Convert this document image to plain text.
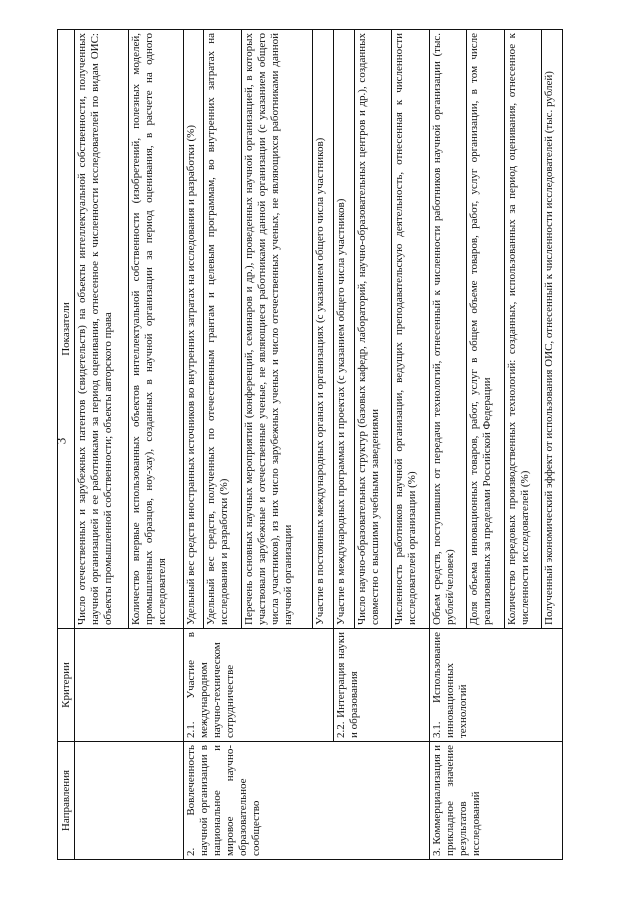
3
Направления	Критерии	Показатели
		Число отечественных и зарубежных патентов (свидетельств) на объекты интеллектуальной собственности, полученных научной организацией и ее работниками за период оценивания, отнесенное к численности исследователей по видам ОИС: объекты промышленной собственности; объекты авторского права
		Количество впервые использованных объектов интеллектуальной собственности (изобретений, полезных моделей, промышленных образцов, ноу-хау), созданных в научной организации за период оценивания, в расчете на одного исследователя
2. Вовлеченность научной организации в национальное и мировое научно-образовательное сообщество	2.1. Участие в международном научно-техническом сотрудничестве	Удельный вес средств иностранных источников во внутренних затратах на исследования и разработки (%)
		Удельный вес средств, полученных по отечественным грантам и целевым программам, во внутренних затратах на исследования и разработки (%)
		Перечень основных научных мероприятий (конференций, семинаров и др.), проведенных научной организацией, в которых участвовали зарубежные и отечественные ученые, не являющиеся работниками данной организации (с указанием общего числа участников), из них число зарубежных ученых и число отечественных ученых, не являющихся работниками данной научной организации
		Участие в постоянных международных органах и организациях (с указанием общего числа участников)
	2.2. Интеграция науки и образования	Участие в международных программах и проектах (с указанием общего числа участников)
		Число научно-образовательных структур (базовых кафедр, лабораторий, научно-образовательных центров и др.), созданных совместно с высшими учебными заведениями
		Численность работников научной организации, ведущих преподавательскую деятельность, отнесенная к численности исследователей организации (%)
3. Коммерциализация и прикладное значение результатов исследований	3.1. Использование инновационных технологий	Объем средств, поступивших от передачи технологий, отнесенный к численности работников научной организации (тыс. рублей/человек)
		Доля объема инновационных товаров, работ, услуг в общем объеме товаров, работ, услуг организации, в том числе реализованных за пределами Российской Федерации
		Количество передовых производственных технологий: созданных, использованных за период оценивания, отнесенное к численности исследователей (%)
		Полученный экономический эффект от использования ОИС, отнесенный к численности исследователей (тыс. рублей)
